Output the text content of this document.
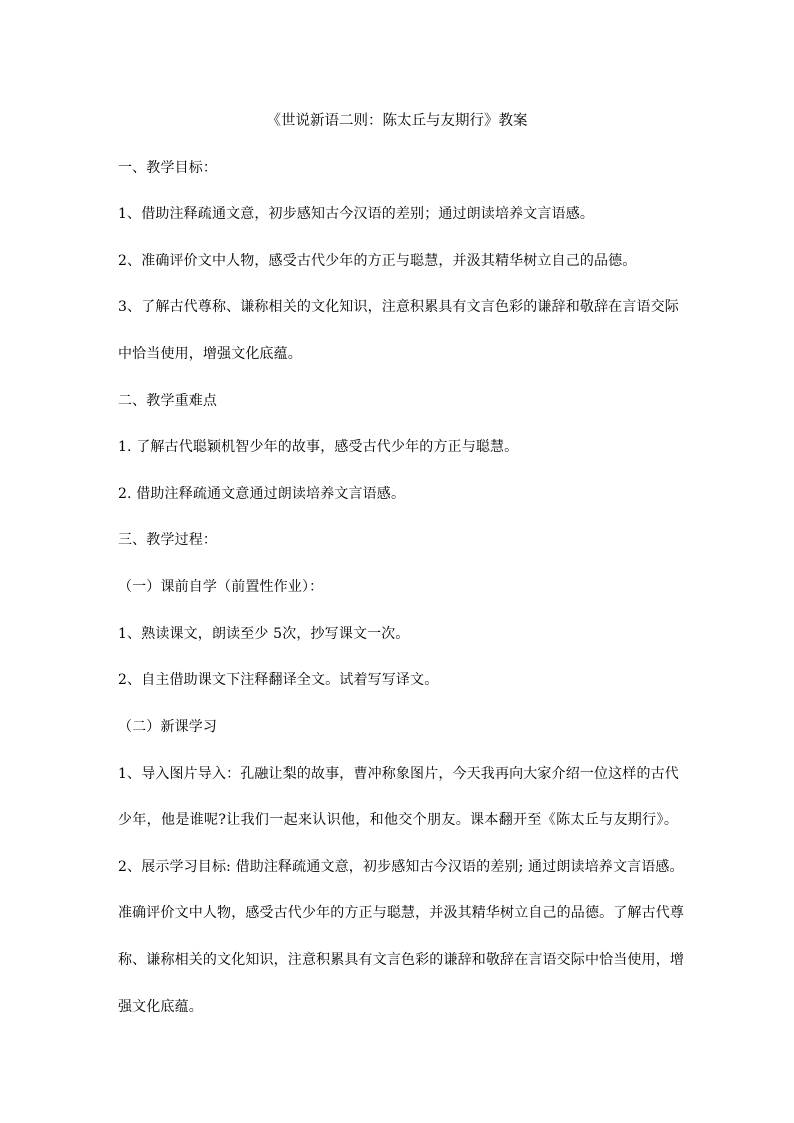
《世说新语二则：陈太丘与友期行》教案
一、教学目标：
1、借助注释疏通文意，初步感知古今汉语的差别；通过朗读培养文言语感。
2、准确评价文中人物，感受古代少年的方正与聪慧，并汲其精华树立自己的品德。
3、了解古代尊称、谦称相关的文化知识，注意积累具有文言色彩的谦辞和敬辞在言语交际
中恰当使用，增强文化底蕴。
二、教学重难点
1. 了解古代聪颖机智少年的故事，感受古代少年的方正与聪慧。
2. 借助注释疏通文意通过朗读培养文言语感。
三、教学过程：
（一）课前自学（前置性作业）：
1、熟读课文，朗读至少 5次，抄写课文一次。
2、自主借助课文下注释翻译全文。试着写写译文。
（二）新课学习
1、导入图片导入：孔融让梨的故事，曹冲称象图片，今天我再向大家介绍一位这样的古代
少年，他是谁呢?让我们一起来认识他，和他交个朋友。课本翻开至《陈太丘与友期行》。
2、展示学习目标: 借助注释疏通文意，初步感知古今汉语的差别; 通过朗读培养文言语感。
准确评价文中人物，感受古代少年的方正与聪慧，并汲其精华树立自己的品德。了解古代尊
称、谦称相关的文化知识，注意积累具有文言色彩的谦辞和敬辞在言语交际中恰当使用，增
强文化底蕴。
